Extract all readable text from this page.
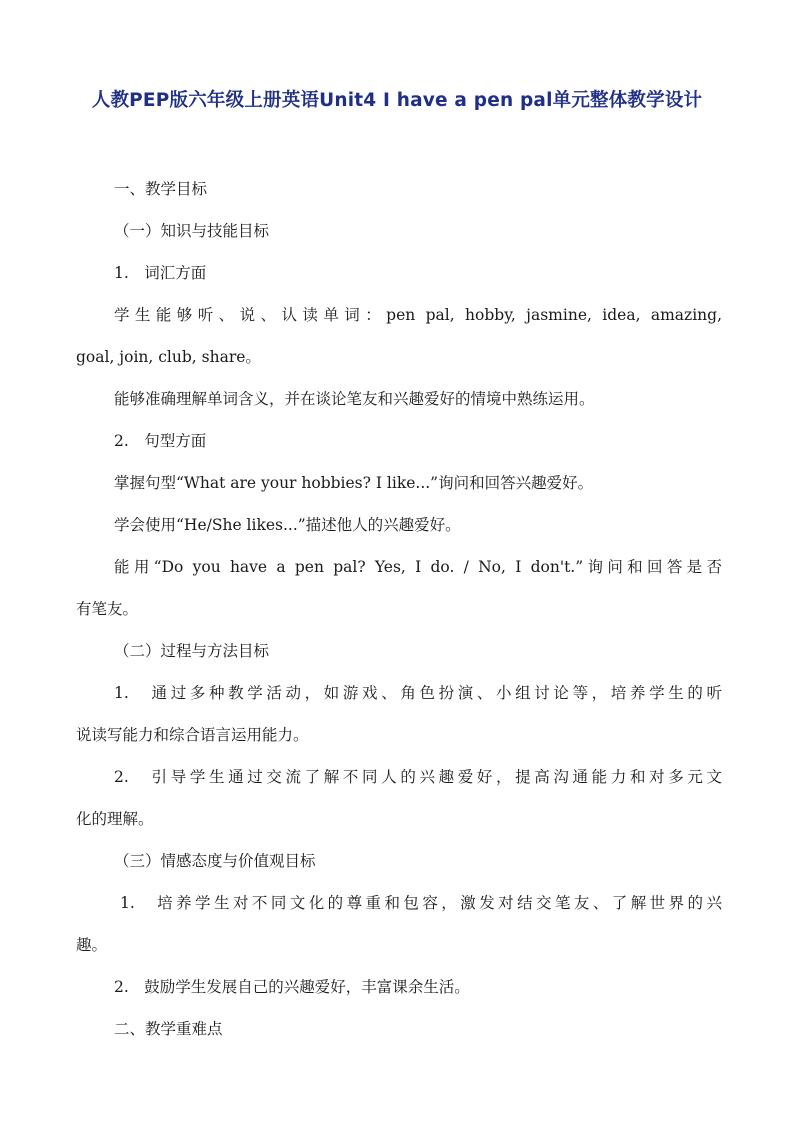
人教PEP版六年级上册英语Unit4 I have a pen pal单元整体教学设计

一、教学目标

（一）知识与技能目标

1.　词汇方面

学生能够听、说、认读单词：pen pal, hobby, jasmine, idea, amazing,

goal, join, club, share。

能够准确理解单词含义，并在谈论笔友和兴趣爱好的情境中熟练运用。

2.　句型方面

掌握句型“What are your hobbies? I like...”询问和回答兴趣爱好。

学会使用“He/She likes...”描述他人的兴趣爱好。

能用“Do you have a pen pal? Yes, I do. / No, I don't.”询问和回答是否

有笔友。

（二）过程与方法目标

1.　通过多种教学活动，如游戏、角色扮演、小组讨论等，培养学生的听

说读写能力和综合语言运用能力。

2.　引导学生通过交流了解不同人的兴趣爱好，提高沟通能力和对多元文

化的理解。

（三）情感态度与价值观目标

1.　培养学生对不同文化的尊重和包容，激发对结交笔友、了解世界的兴

趣。

2.　鼓励学生发展自己的兴趣爱好，丰富课余生活。

二、教学重难点
